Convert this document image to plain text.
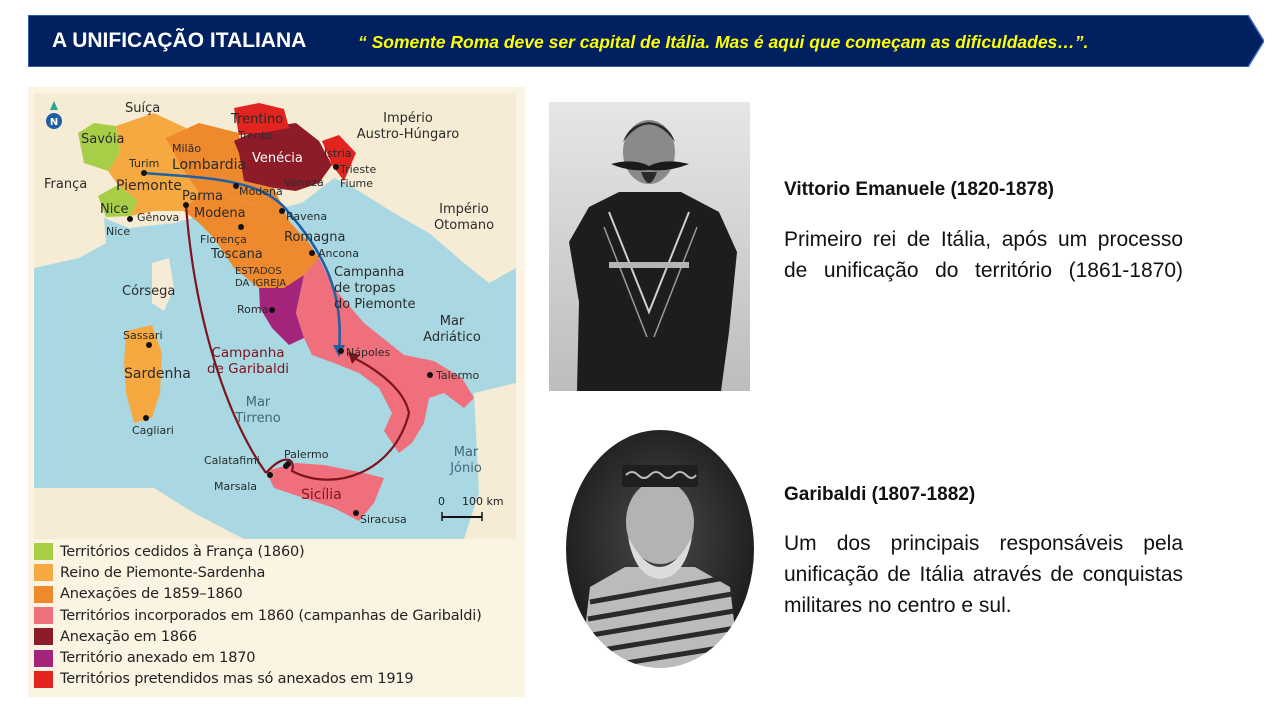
A UNIFICAÇÃO ITALIANA	“ Somente Roma deve ser capital de Itália. Mas é aqui que começam as dificuldades…”.
N
0 100 km
Suíça
Savóia
Trentino
Trento
Império
Austro-Húngaro
Milão
Lombardia Venécia Ístria
Trieste
Fiume
Turim
Piemonte	Modena
Veneza
França
Parma
Modena	Ravena
Nice
Gênova
Nice
Império
Otomano
Florença	Romagna
Toscana	Ancona
ESTADOS
DA IGREJA
Campanha
de tropas
do Piemonte
Córsega
Roma
Mar
Adriático
Sassari
Nápoles
Campanha
de Garibaldi
Sardenha	Talermo
Mar
Tirreno
Cagliari
Mar
Jónio
Calatafimi Palermo
Marsala
Sicília
Siracusa
Territórios cedidos à França (1860)
Reino de Piemonte-Sardenha
Anexações de 1859–1860
Territórios incorporados em 1860 (campanhas de Garibaldi)
Anexação em 1866
Território anexado em 1870
Territórios pretendidos mas só anexados em 1919
Vittorio Emanuele (1820-1878)
Primeiro rei de Itália, após um processo de unificação do território (1861-1870)
Garibaldi (1807-1882)
Um dos principais responsáveis pela unificação de Itália através de conquistas militares no centro e sul.
